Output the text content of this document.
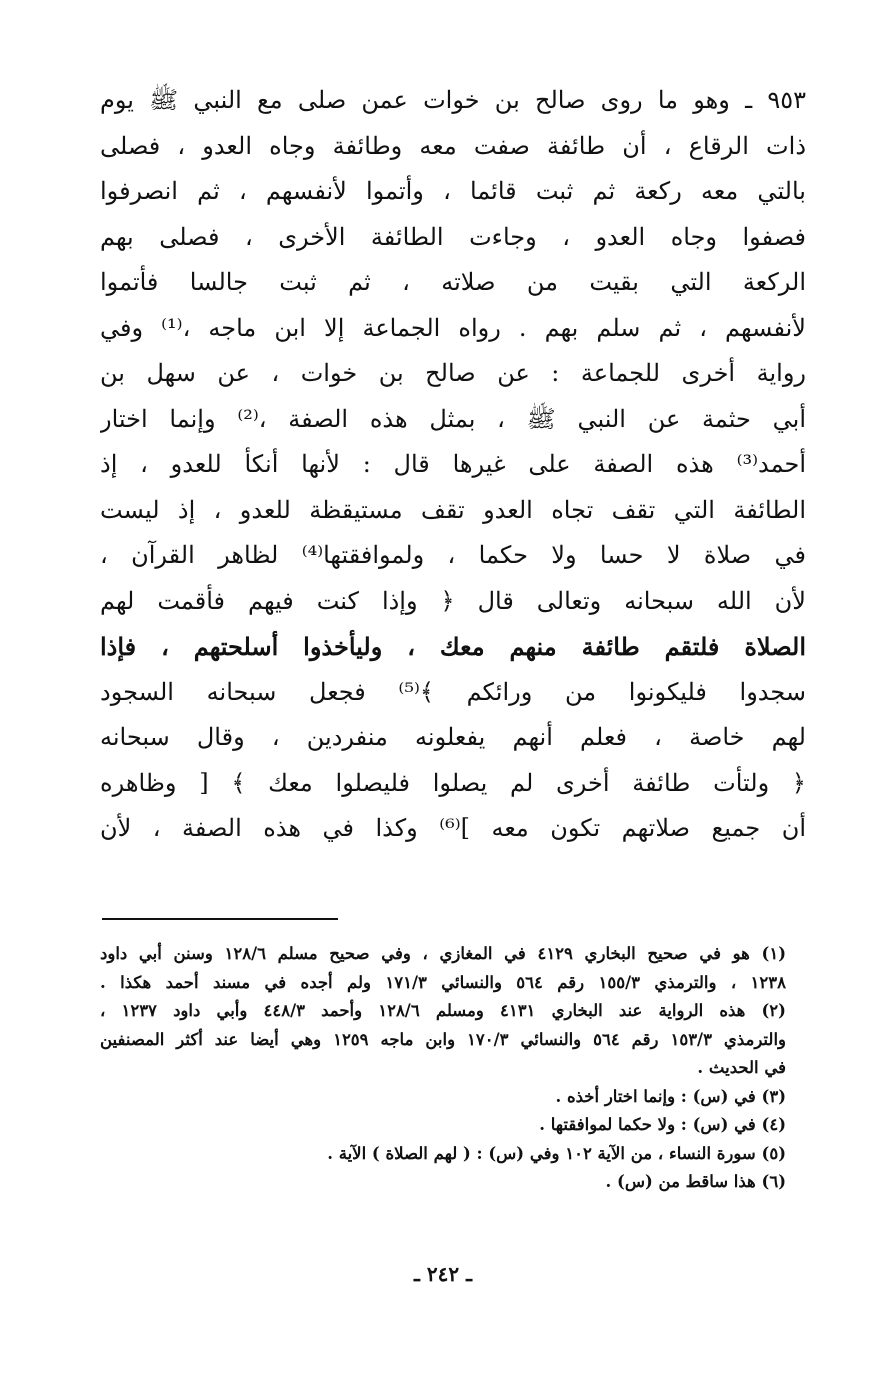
٩٥٣ ـ وهو ما روى صالح بن خوات عمن صلى مع النبي ﷺ يوم
ذات الرقاع ، أن طائفة صفت معه وطائفة وجاه العدو ، فصلى
بالتي معه ركعة ثم ثبت قائما ، وأتموا لأنفسهم ، ثم انصرفوا
فصفوا وجاه العدو ، وجاءت الطائفة الأخرى ، فصلى بهم
الركعة التي بقيت من صلاته ، ثم ثبت جالسا فأتموا
لأنفسهم ، ثم سلم بهم . رواه الجماعة إلا ابن ماجه ،⁽¹⁾ وفي
رواية أخرى للجماعة : عن صالح بن خوات ، عن سهل بن
أبي حثمة عن النبي ﷺ ، بمثل هذه الصفة ،⁽²⁾ وإنما اختار
أحمد⁽³⁾ هذه الصفة على غيرها قال : لأنها أنكأ للعدو ، إذ
الطائفة التي تقف تجاه العدو تقف مستيقظة للعدو ، إذ ليست
في صلاة لا حسا ولا حكما ، ولموافقتها⁽⁴⁾ لظاهر القرآن ،
لأن الله سبحانه وتعالى قال ﴿ وإذا كنت فيهم فأقمت لهم
الصلاة فلتقم طائفة منهم معك ، وليأخذوا أسلحتهم ، فإذا
سجدوا فليكونوا من ورائكم ﴾⁽⁵⁾ فجعل سبحانه السجود
لهم خاصة ، فعلم أنهم يفعلونه منفردين ، وقال سبحانه
﴿ ولتأت طائفة أخرى لم يصلوا فليصلوا معك ﴾ [ وظاهره
أن جميع صلاتهم تكون معه ]⁽⁶⁾ وكذا في هذه الصفة ، لأن
(١) هو في صحيح البخاري ٤١٢٩ في المغازي ، وفي صحيح مسلم ١٢٨/٦ وسنن أبي داود
١٢٣٨ ، والترمذي ١٥٥/٣ رقم ٥٦٤ والنسائي ١٧١/٣ ولم أجده في مسند أحمد هكذا .
(٢) هذه الرواية عند البخاري ٤١٣١ ومسلم ١٢٨/٦ وأحمد ٤٤٨/٣ وأبي داود ١٢٣٧ ،
والترمذي ١٥٣/٣ رقم ٥٦٤ والنسائي ١٧٠/٣ وابن ماجه ١٢٥٩ وهي أيضا عند أكثر المصنفين
في الحديث .
(٣) في (س) : وإنما اختار أخذه .
(٤) في (س) : ولا حكما لموافقتها .
(٥) سورة النساء ، من الآية ١٠٢ وفي (س) : ( لهم الصلاة ) الآية .
(٦) هذا ساقط من (س) .
ـ ٢٤٢ ـ
